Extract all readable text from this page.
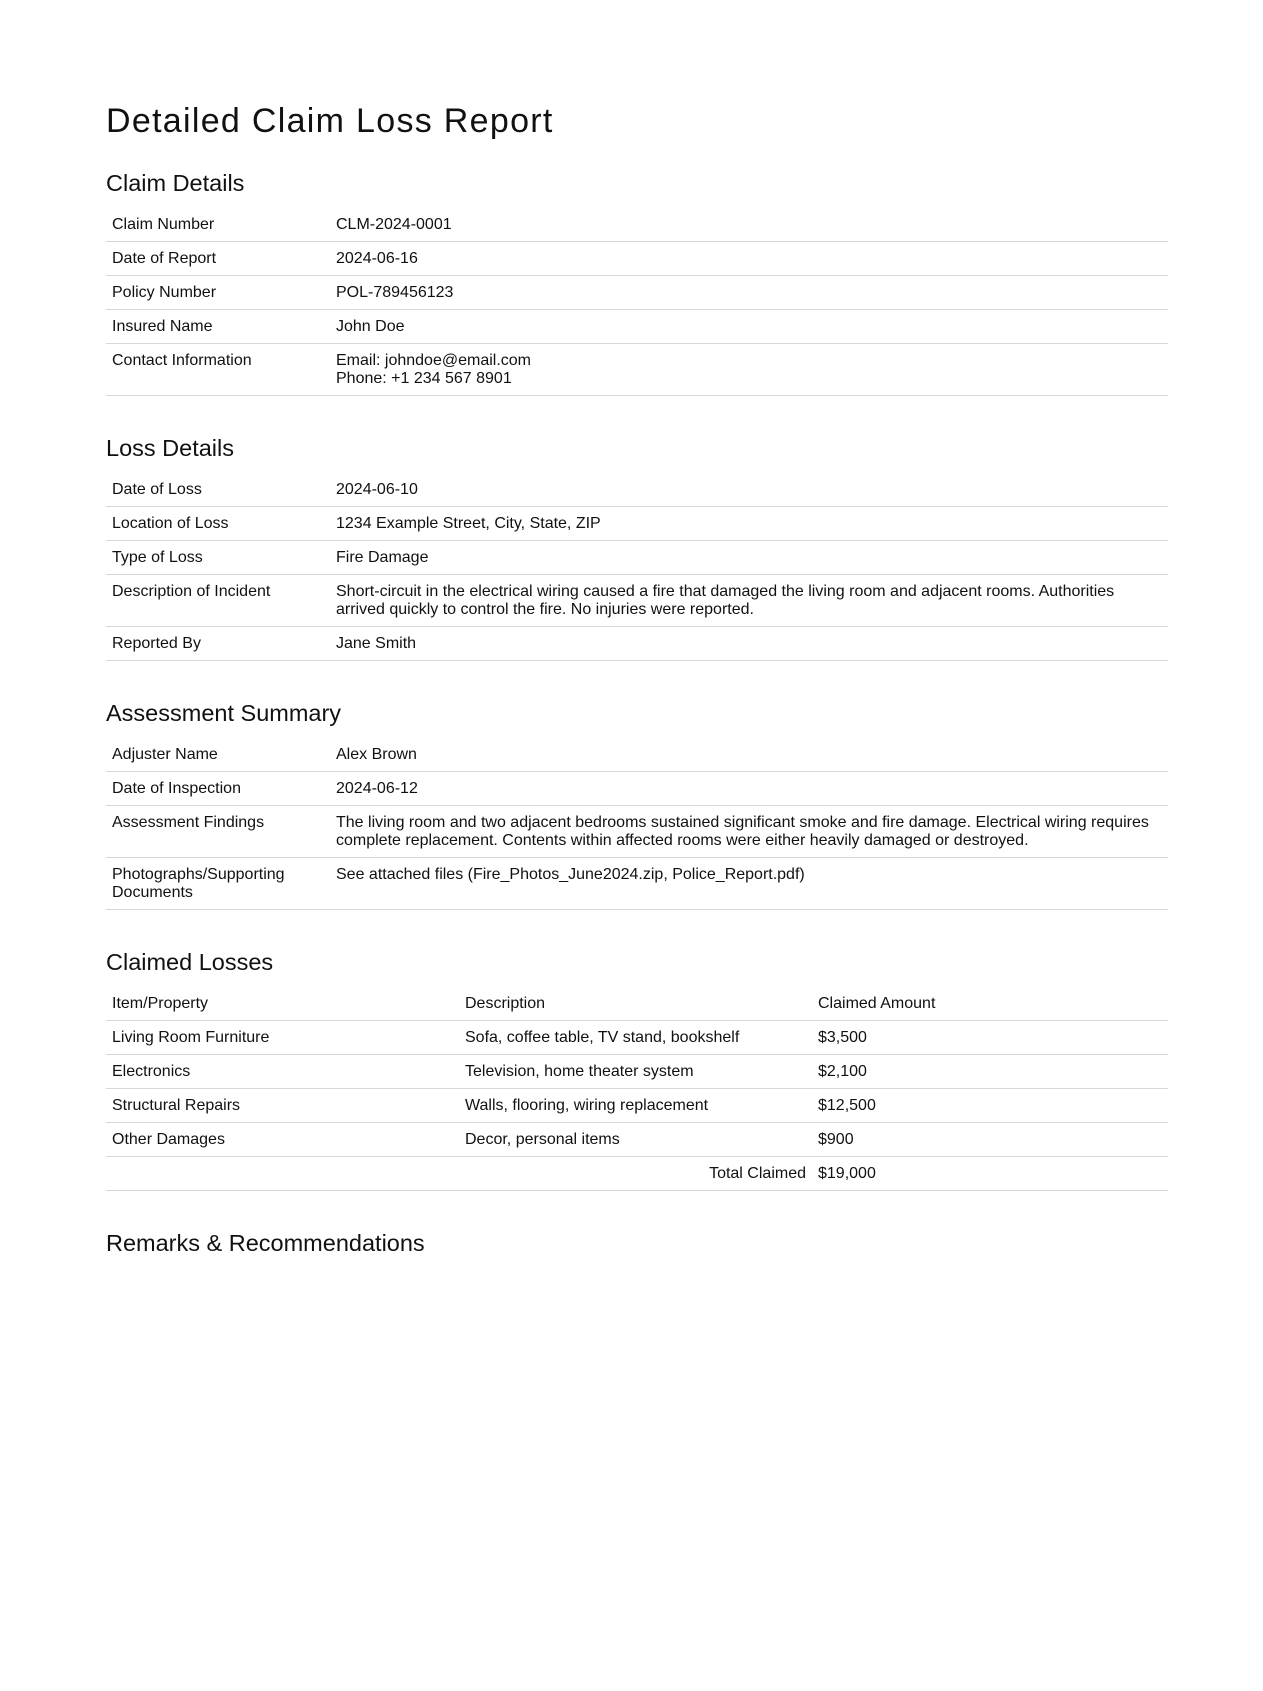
Detailed Claim Loss Report
Claim Details
Claim Number	CLM-2024-0001
Date of Report	2024-06-16
Policy Number	POL-789456123
Insured Name	John Doe
Contact Information	Email: johndoe@email.com
Phone: +1 234 567 8901
Loss Details
Date of Loss	2024-06-10
Location of Loss	1234 Example Street, City, State, ZIP
Type of Loss	Fire Damage
Description of Incident	Short-circuit in the electrical wiring caused a fire that damaged the living room and adjacent rooms. Authorities arrived quickly to control the fire. No injuries were reported.
Reported By	Jane Smith
Assessment Summary
Adjuster Name	Alex Brown
Date of Inspection	2024-06-12
Assessment Findings	The living room and two adjacent bedrooms sustained significant smoke and fire damage. Electrical wiring requires complete replacement. Contents within affected rooms were either heavily damaged or destroyed.
Photographs/Supporting Documents	See attached files (Fire_Photos_June2024.zip, Police_Report.pdf)
Claimed Losses
Item/Property	Description	Claimed Amount
Living Room Furniture	Sofa, coffee table, TV stand, bookshelf	$3,500
Electronics	Television, home theater system	$2,100
Structural Repairs	Walls, flooring, wiring replacement	$12,500
Other Damages	Decor, personal items	$900
Total Claimed		$19,000
Remarks & Recommendations
